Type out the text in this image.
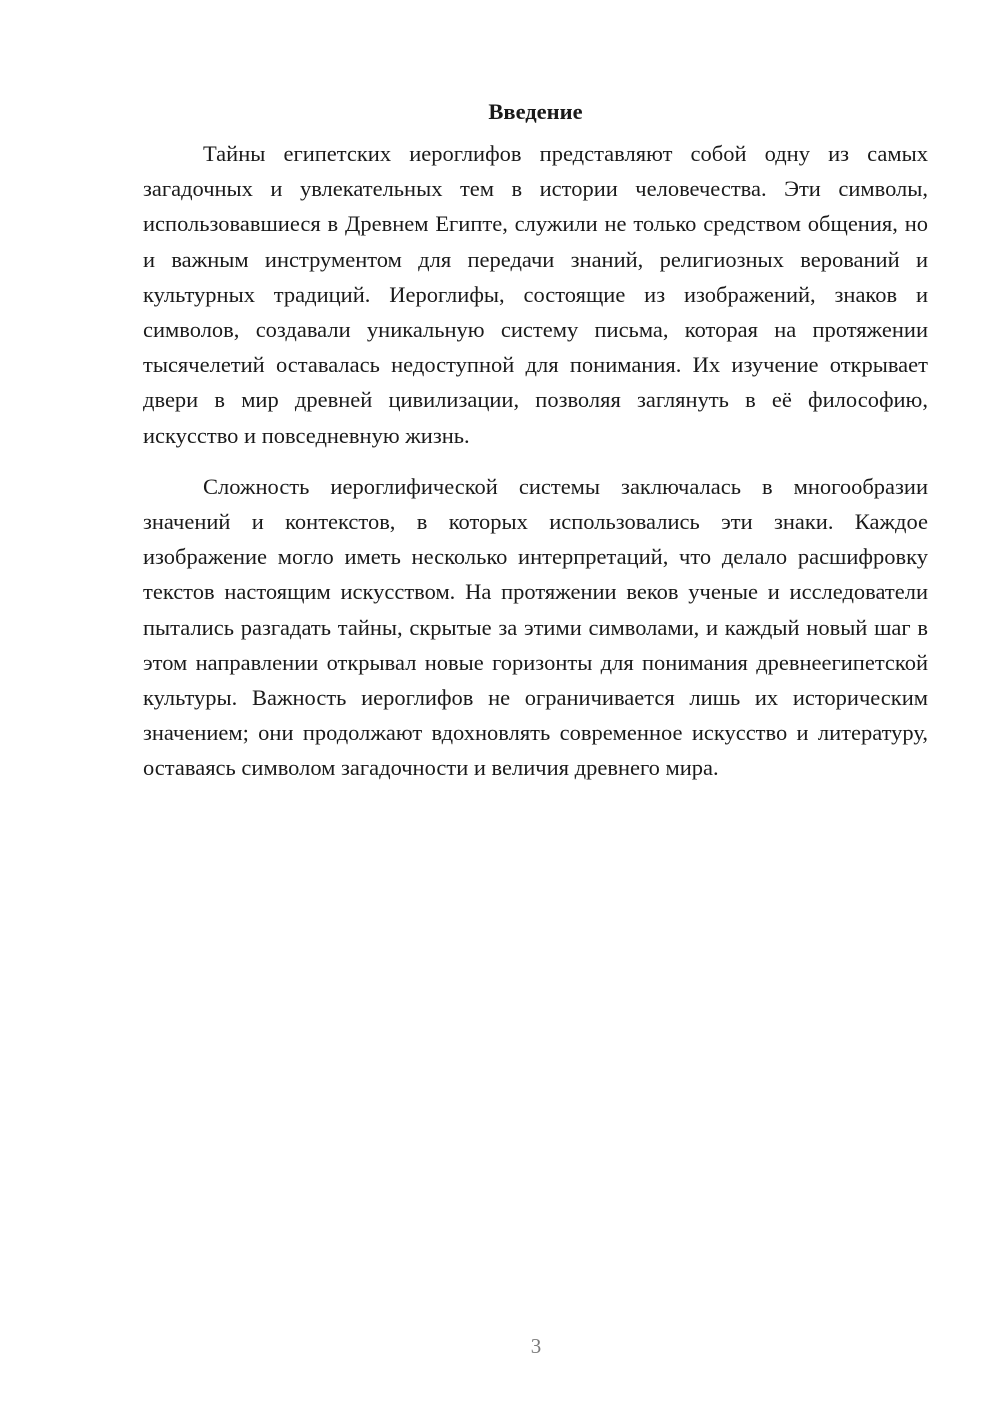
Введение

Тайны египетских иероглифов представляют собой одну из самых загадочных и увлекательных тем в истории человечества. Эти символы, использовавшиеся в Древнем Египте, служили не только средством общения, но и важным инструментом для передачи знаний, религиозных верований и культурных традиций. Иероглифы, состоящие из изображений, знаков и символов, создавали уникальную систему письма, которая на протяжении тысячелетий оставалась недоступной для понимания. Их изучение открывает двери в мир древней цивилизации, позволяя заглянуть в её философию, искусство и повседневную жизнь.

Сложность иероглифической системы заключалась в многообразии значений и контекстов, в которых использовались эти знаки. Каждое изображение могло иметь несколько интерпретаций, что делало расшифровку текстов настоящим искусством. На протяжении веков ученые и исследователи пытались разгадать тайны, скрытые за этими символами, и каждый новый шаг в этом направлении открывал новые горизонты для понимания древнеегипетской культуры. Важность иероглифов не ограничивается лишь их историческим значением; они продолжают вдохновлять современное искусство и литературу, оставаясь символом загадочности и величия древнего мира.

3
